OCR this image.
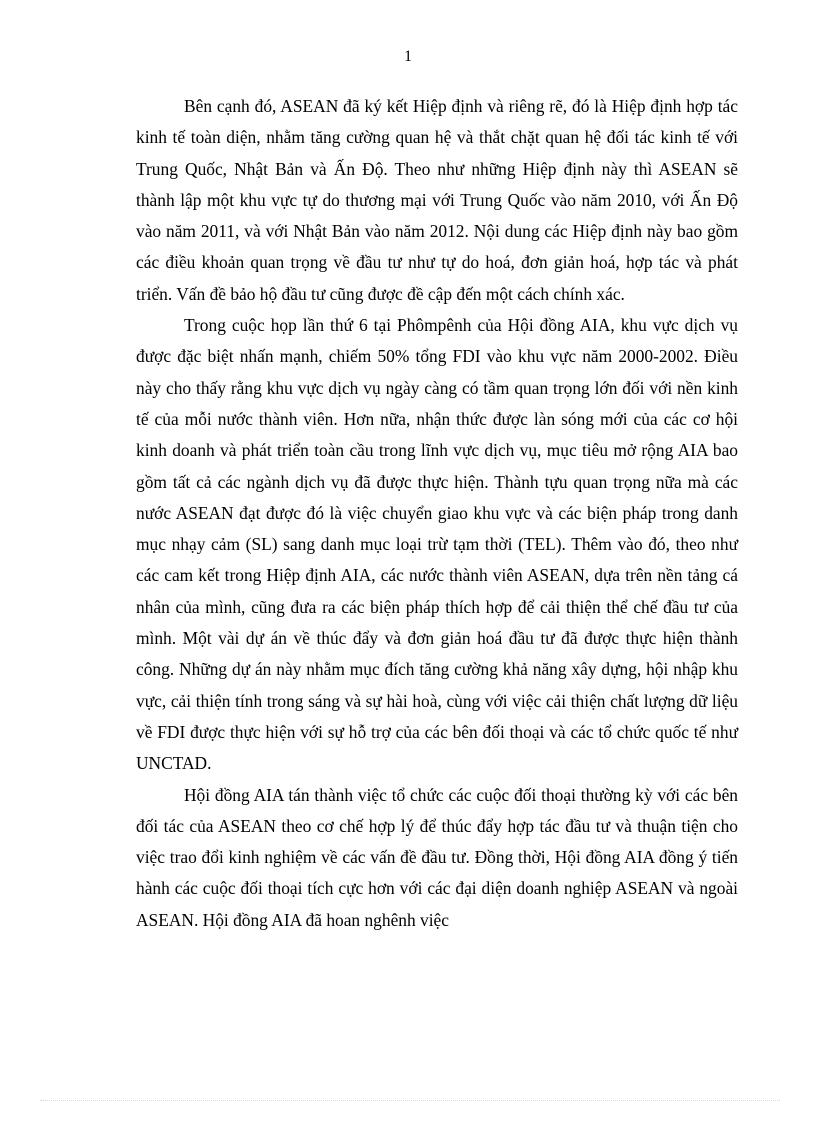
1

Bên cạnh đó, ASEAN đã ký kết Hiệp định và riêng rẽ, đó là Hiệp định hợp tác kinh tế toàn diện, nhằm tăng cường quan hệ và thắt chặt quan hệ đối tác kinh tế với Trung Quốc, Nhật Bản và Ấn Độ. Theo như những Hiệp định này thì ASEAN sẽ thành lập một khu vực tự do thương mại với Trung Quốc vào năm 2010, với Ấn Độ vào năm 2011, và với Nhật Bản vào năm 2012. Nội dung các Hiệp định này bao gồm các điều khoản quan trọng về đầu tư như tự do hoá, đơn giản hoá, hợp tác và phát triển. Vấn đề bảo hộ đầu tư cũng được đề cập đến một cách chính xác.

Trong cuộc họp lần thứ 6 tại Phômpênh của Hội đồng AIA, khu vực dịch vụ được đặc biệt nhấn mạnh, chiếm 50% tổng FDI vào khu vực năm 2000-2002. Điều này cho thấy rằng khu vực dịch vụ ngày càng có tầm quan trọng lớn đối với nền kinh tế của mỗi nước thành viên. Hơn nữa, nhận thức được làn sóng mới của các cơ hội kinh doanh và phát triển toàn cầu trong lĩnh vực dịch vụ, mục tiêu mở rộng AIA bao gồm tất cả các ngành dịch vụ đã được thực hiện. Thành tựu quan trọng nữa mà các nước ASEAN đạt được đó là việc chuyển giao khu vực và các biện pháp trong danh mục nhạy cảm (SL) sang danh mục loại trừ tạm thời (TEL). Thêm vào đó, theo như các cam kết trong Hiệp định AIA, các nước thành viên ASEAN, dựa trên nền tảng cá nhân của mình, cũng đưa ra các biện pháp thích hợp để cải thiện thể chế đầu tư của mình. Một vài dự án về thúc đẩy và đơn giản hoá đầu tư đã được thực hiện thành công. Những dự án này nhằm mục đích tăng cường khả năng xây dựng, hội nhập khu vực, cải thiện tính trong sáng và sự hài hoà, cùng với việc cải thiện chất lượng dữ liệu về FDI được thực hiện với sự hỗ trợ của các bên đối thoại và các tổ chức quốc tế như UNCTAD.

Hội đồng AIA tán thành việc tổ chức các cuộc đối thoại thường kỳ với các bên đối tác của ASEAN theo cơ chế hợp lý để thúc đẩy hợp tác đầu tư và thuận tiện cho việc trao đổi kinh nghiệm về các vấn đề đầu tư. Đồng thời, Hội đồng AIA đồng ý tiến hành các cuộc đối thoại tích cực hơn với các đại diện doanh nghiệp ASEAN và ngoài ASEAN. Hội đồng AIA đã hoan nghênh việc
